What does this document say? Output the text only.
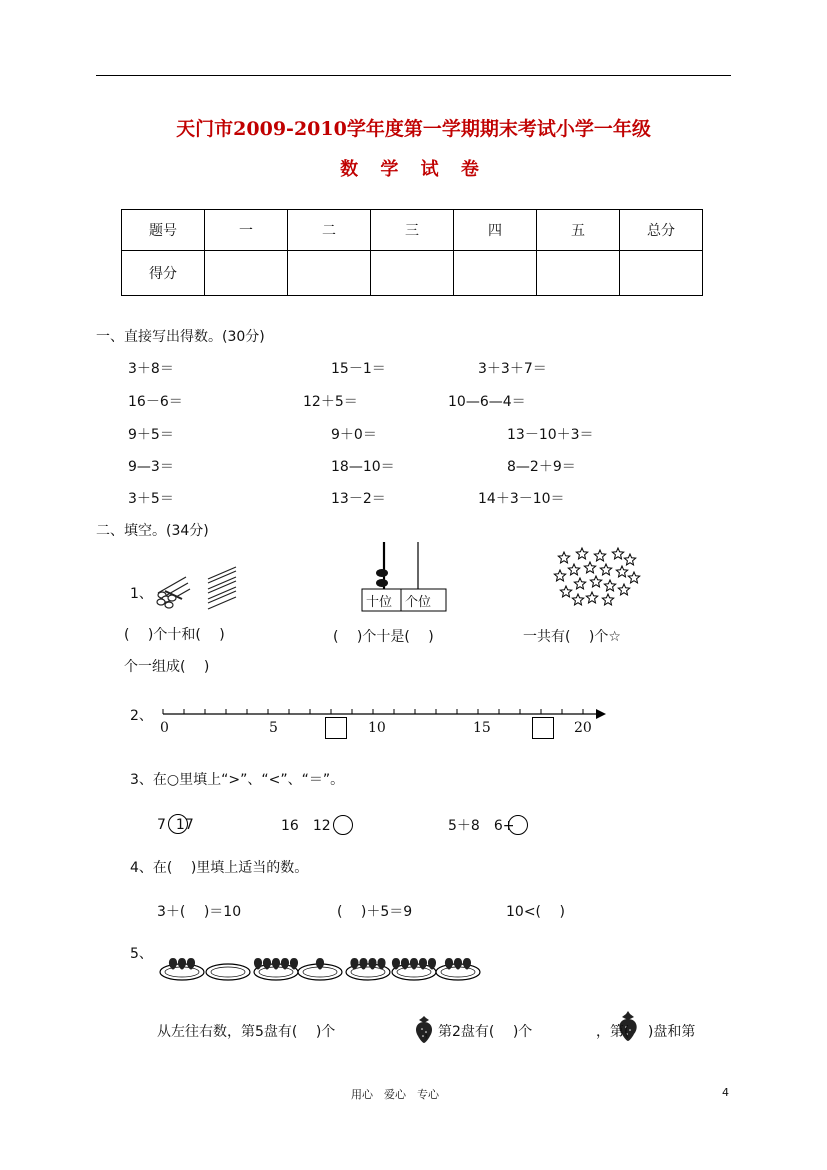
天门市2009-2010学年度第一学期期末考试小学一年级
数 学 试 卷
题号	一	二	三	四	五	总分
得分						
一、直接写出得数。(30分)
3＋8＝	15－1＝	3＋3＋7＝
16－6＝	12＋5＝	10—6—4＝
9＋5＝	9＋0＝	13－10＋3＝
9—3＝	18—10＝	8—2＋9＝
3＋5＝	13－2＝	14＋3－10＝
二、填空。(34分)
1、
十位 个位
(　 )个十和(　 )	(　 )个十是(　 )	一共有(　 )个☆
个一组成(　 )
2、
0	5	10	15	20
3、在○里填上“>”、“<”、“＝”。
7 17	16　12	5＋8　6+
4、在(　 )里填上适当的数。
3＋(　 )＝10	(　 )＋5＝9	10<(　 )
5、
从左往右数，第5盘有(　 )个	，第2盘有(　 )个	，第(　 )盘和第
用心　爱心　专心	4
